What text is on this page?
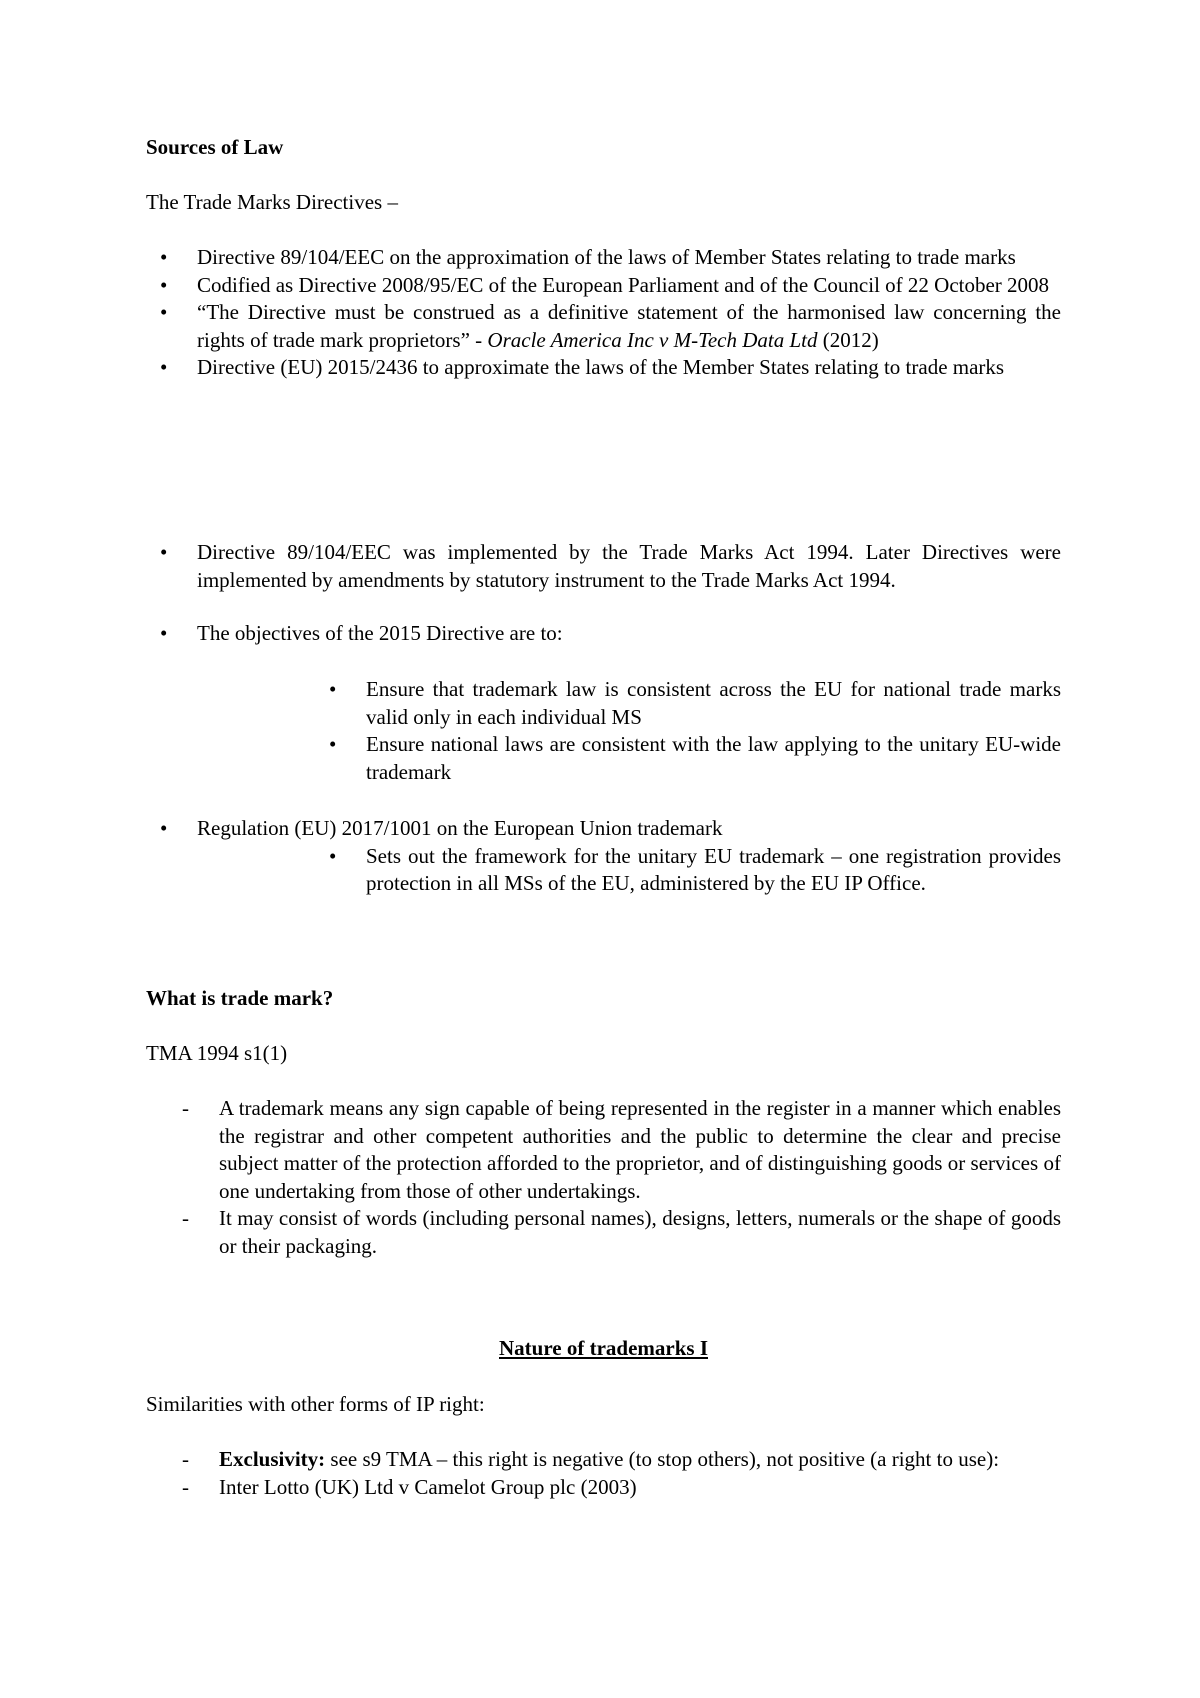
Sources of Law
The Trade Marks Directives –
•	Directive 89/104/EEC on the approximation of the laws of Member States relating to trade marks
•	Codified as Directive 2008/95/EC of the European Parliament and of the Council of 22 October 2008
•	“The Directive must be construed as a definitive statement of the harmonised law concerning the rights of trade mark proprietors” - Oracle America Inc v M-Tech Data Ltd (2012)
•	Directive (EU) 2015/2436 to approximate the laws of the Member States relating to trade marks
•	Directive 89/104/EEC was implemented by the Trade Marks Act 1994. Later Directives were implemented by amendments by statutory instrument to the Trade Marks Act 1994.
•	The objectives of the 2015 Directive are to:
•	Ensure that trademark law is consistent across the EU for national trade marks valid only in each individual MS
•	Ensure national laws are consistent with the law applying to the unitary EU-wide trademark
•	Regulation (EU) 2017/1001 on the European Union trademark
•	Sets out the framework for the unitary EU trademark – one registration provides protection in all MSs of the EU, administered by the EU IP Office.
What is trade mark?
TMA 1994 s1(1)
-	A trademark means any sign capable of being represented in the register in a manner which enables the registrar and other competent authorities and the public to determine the clear and precise subject matter of the protection afforded to the proprietor, and of distinguishing goods or services of one undertaking from those of other undertakings.
-	It may consist of words (including personal names), designs, letters, numerals or the shape of goods or their packaging.
Nature of trademarks I
Similarities with other forms of IP right:
-	Exclusivity: see s9 TMA – this right is negative (to stop others), not positive (a right to use):
-	Inter Lotto (UK) Ltd v Camelot Group plc (2003)
